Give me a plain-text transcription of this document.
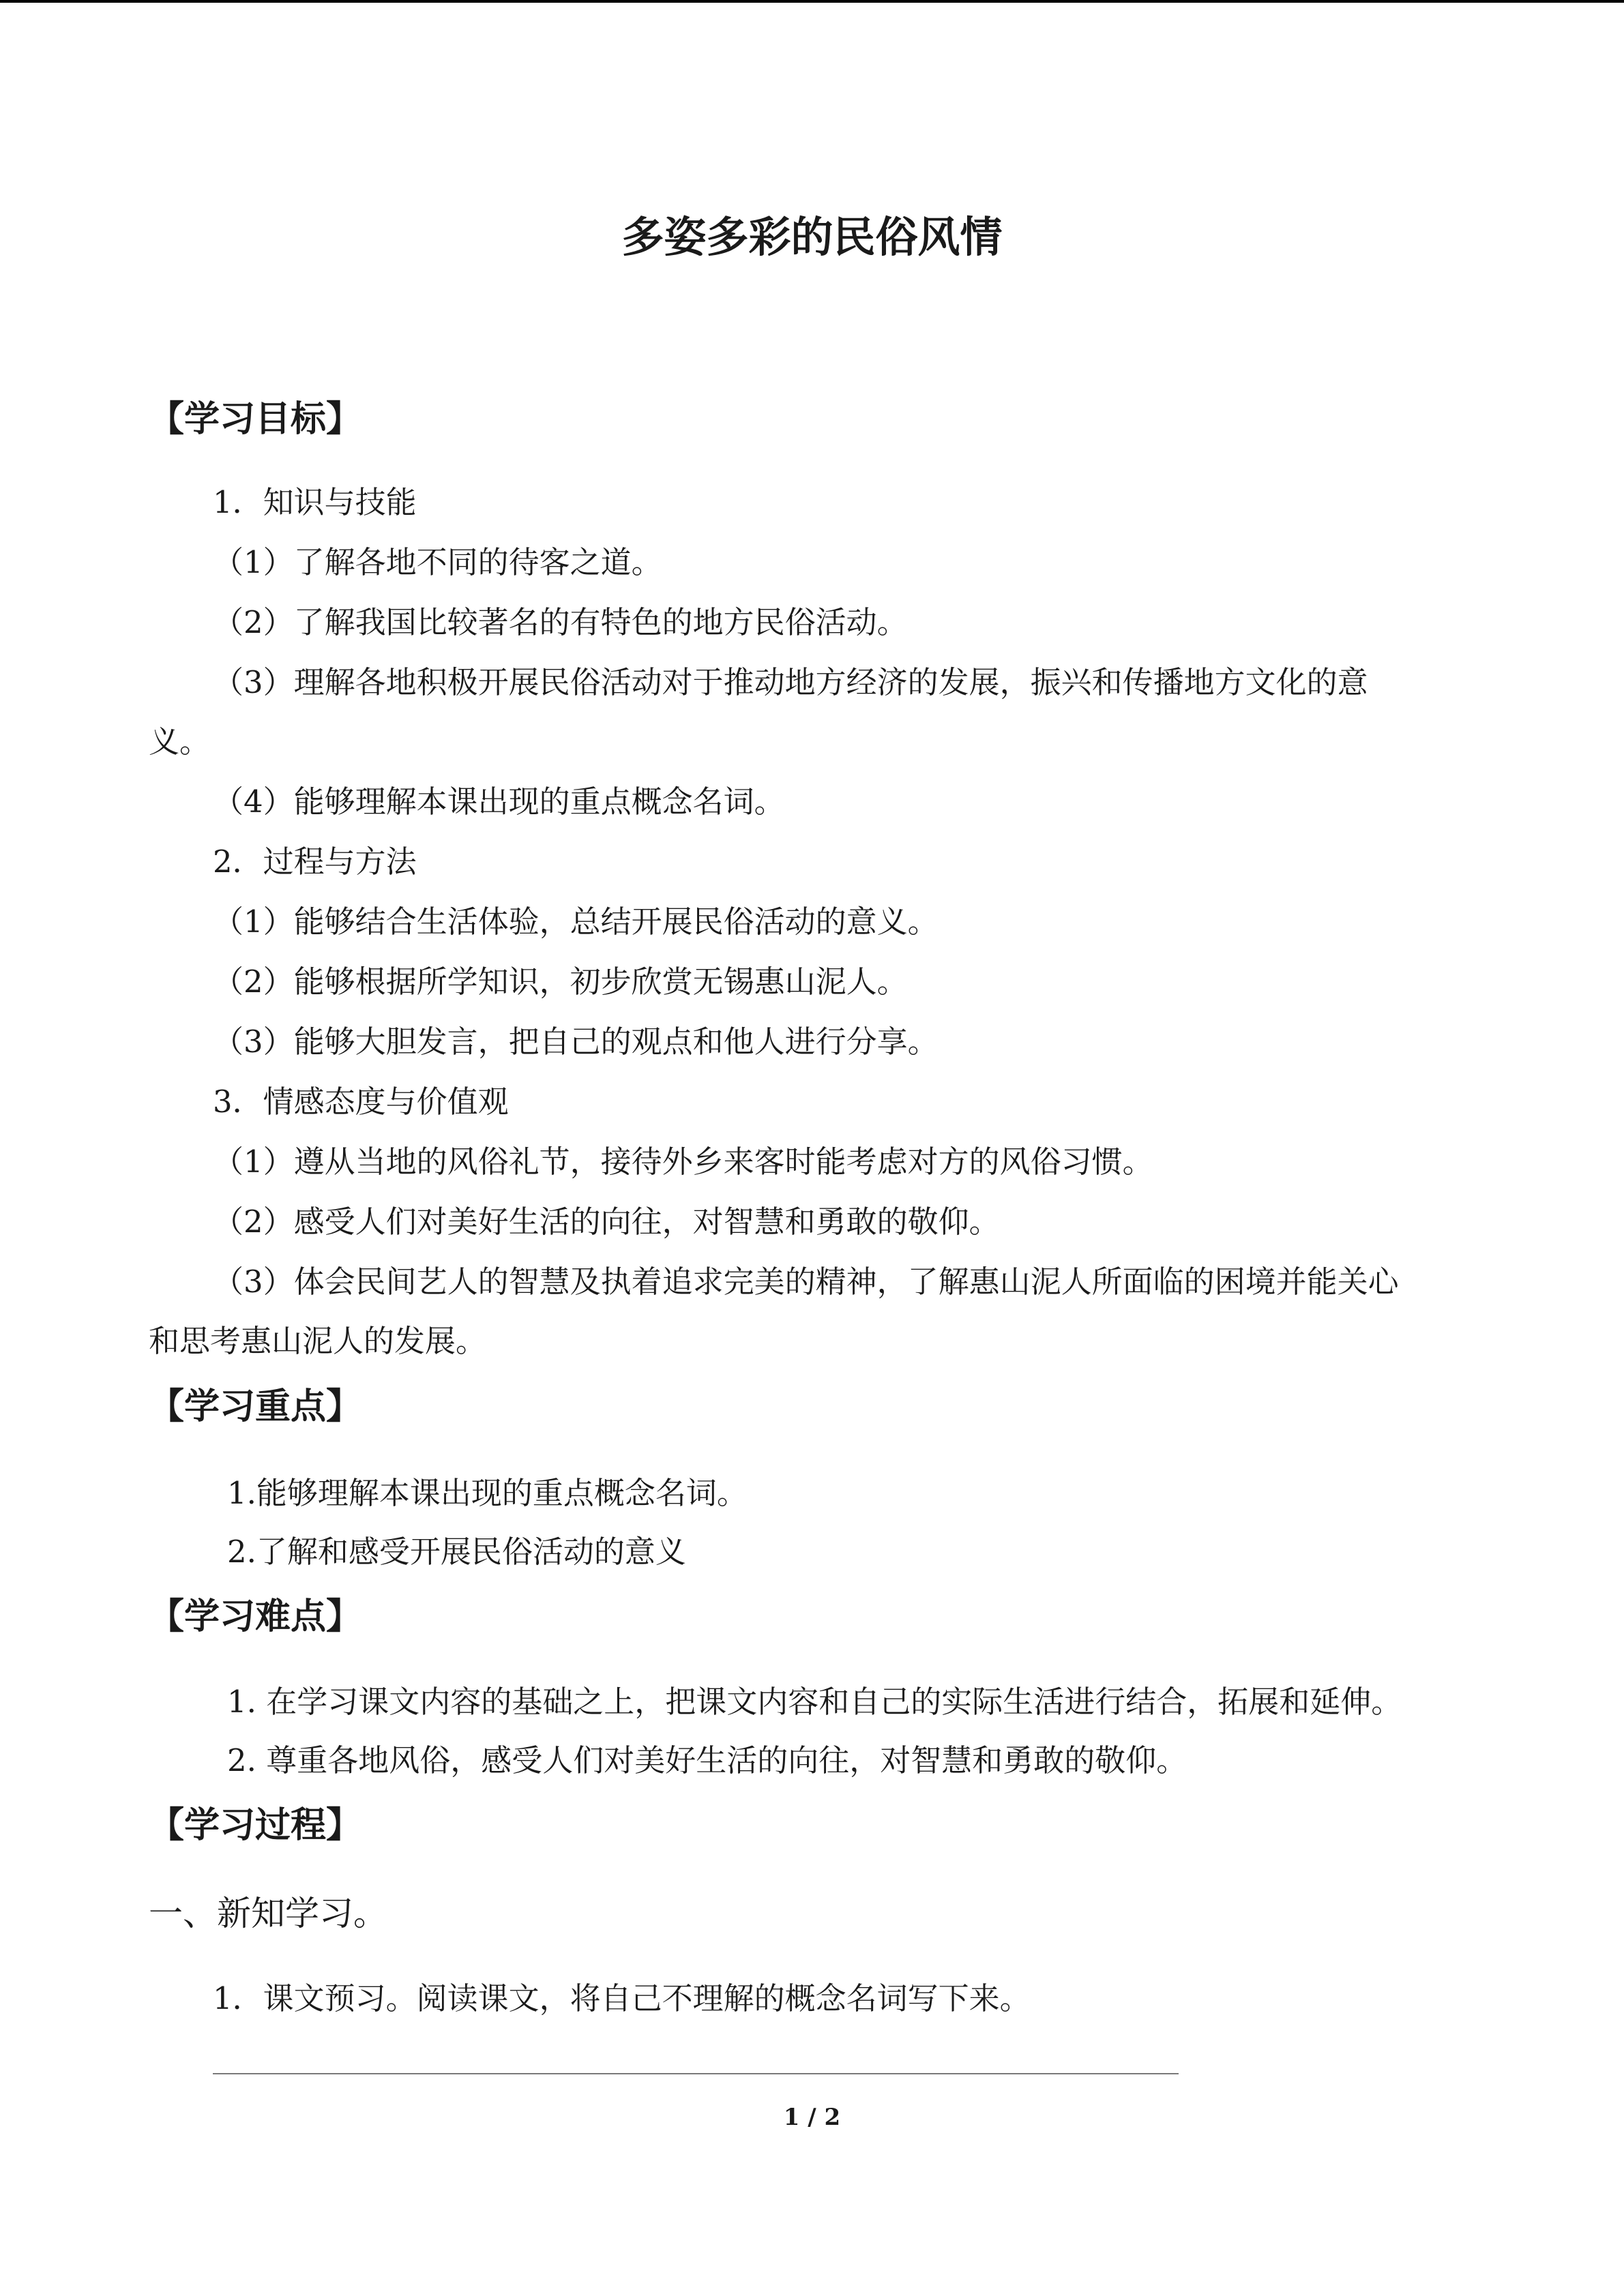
多姿多彩的民俗风情
【学习目标】
1．知识与技能
（1）了解各地不同的待客之道。
（2）了解我国比较著名的有特色的地方民俗活动。
（3）理解各地积极开展民俗活动对于推动地方经济的发展，振兴和传播地方文化的意
义。
（4）能够理解本课出现的重点概念名词。
2．过程与方法
（1）能够结合生活体验，总结开展民俗活动的意义。
（2）能够根据所学知识，初步欣赏无锡惠山泥人。
（3）能够大胆发言，把自己的观点和他人进行分享。
3．情感态度与价值观
（1）遵从当地的风俗礼节，接待外乡来客时能考虑对方的风俗习惯。
（2）感受人们对美好生活的向往，对智慧和勇敢的敬仰。
（3）体会民间艺人的智慧及执着追求完美的精神，了解惠山泥人所面临的困境并能关心
和思考惠山泥人的发展。
【学习重点】
1.能够理解本课出现的重点概念名词。
2.了解和感受开展民俗活动的意义
【学习难点】
1. 在学习课文内容的基础之上，把课文内容和自己的实际生活进行结合，拓展和延伸。
2. 尊重各地风俗，感受人们对美好生活的向往，对智慧和勇敢的敬仰。
【学习过程】
一、新知学习。
1．课文预习。阅读课文，将自己不理解的概念名词写下来。
1 / 2
